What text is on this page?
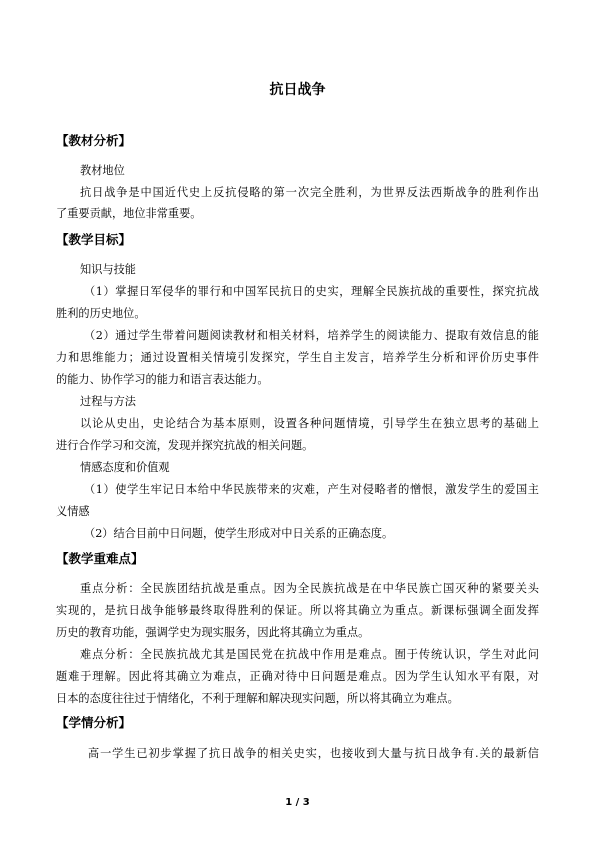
抗日战争
【教材分析】
教材地位
抗日战争是中国近代史上反抗侵略的第一次完全胜利，为世界反法西斯战争的胜利作出
了重要贡献，地位非常重要。
【教学目标】
知识与技能
（1）掌握日军侵华的罪行和中国军民抗日的史实，理解全民族抗战的重要性，探究抗战
胜利的历史地位。
（2）通过学生带着问题阅读教材和相关材料，培养学生的阅读能力、提取有效信息的能
力和思维能力；通过设置相关情境引发探究，学生自主发言，培养学生分析和评价历史事件
的能力、协作学习的能力和语言表达能力。
过程与方法
以论从史出，史论结合为基本原则，设置各种问题情境，引导学生在独立思考的基础上
进行合作学习和交流，发现并探究抗战的相关问题。
情感态度和价值观
（1）使学生牢记日本给中华民族带来的灾难，产生对侵略者的憎恨，激发学生的爱国主
义情感
（2）结合目前中日问题，使学生形成对中日关系的正确态度。
【教学重难点】
重点分析：全民族团结抗战是重点。因为全民族抗战是在中华民族亡国灭种的紧要关头
实现的，是抗日战争能够最终取得胜利的保证。所以将其确立为重点。新课标强调全面发挥
历史的教育功能，强调学史为现实服务，因此将其确立为重点。
难点分析：全民族抗战尤其是国民党在抗战中作用是难点。囿于传统认识，学生对此问
题难于理解。因此将其确立为难点，正确对待中日问题是难点。因为学生认知水平有限，对
日本的态度往往过于情绪化，不利于理解和解决现实问题，所以将其确立为难点。
【学情分析】
高一学生已初步掌握了抗日战争的相关史实，也接收到大量与抗日战争有.关的最新信
1 / 3
